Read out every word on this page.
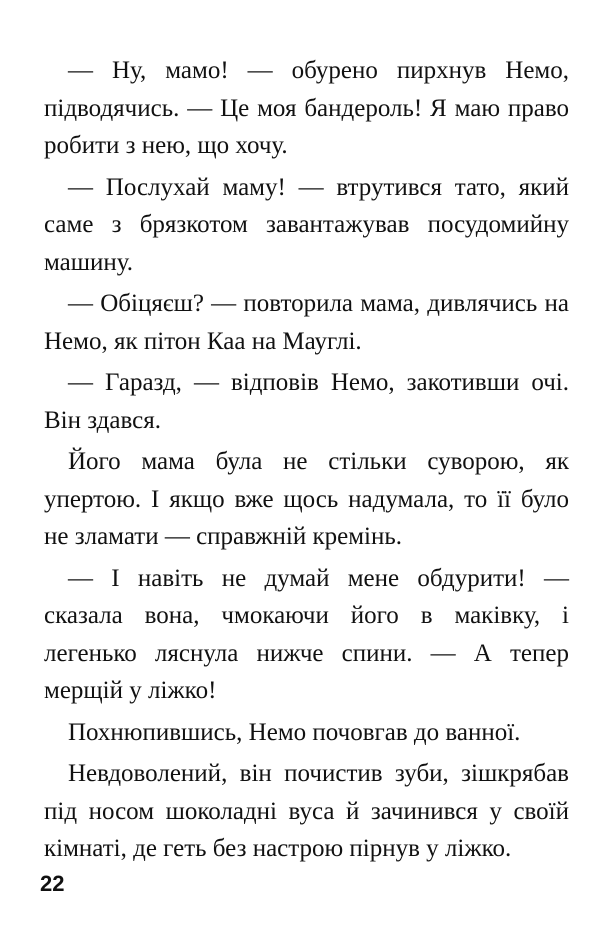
— Ну, мамо! — обурено пирхнув Немо, підводячись. — Це моя бандероль! Я маю право робити з нею, що хочу.

— Послухай маму! — втрутився тато, який саме з брязкотом завантажував посудомийну машину.

— Обіцяєш? — повторила мама, дивлячись на Немо, як пітон Каа на Мауглі.

— Гаразд, — відповів Немо, закотивши очі. Він здався.

Його мама була не стільки суворою, як упертою. І якщо вже щось надумала, то її було не зламати — справжній кремінь.

— І навіть не думай мене обдурити! — сказала вона, чмокаючи його в маківку, і легенько ляснула нижче спини. — А тепер мерщій у ліжко!

Похнюпившись, Немо почовгав до ванної.

Невдоволений, він почистив зуби, зішкрябав під носом шоколадні вуса й зачинився у своїй кімнаті, де геть без настрою пірнув у ліжко.

22
